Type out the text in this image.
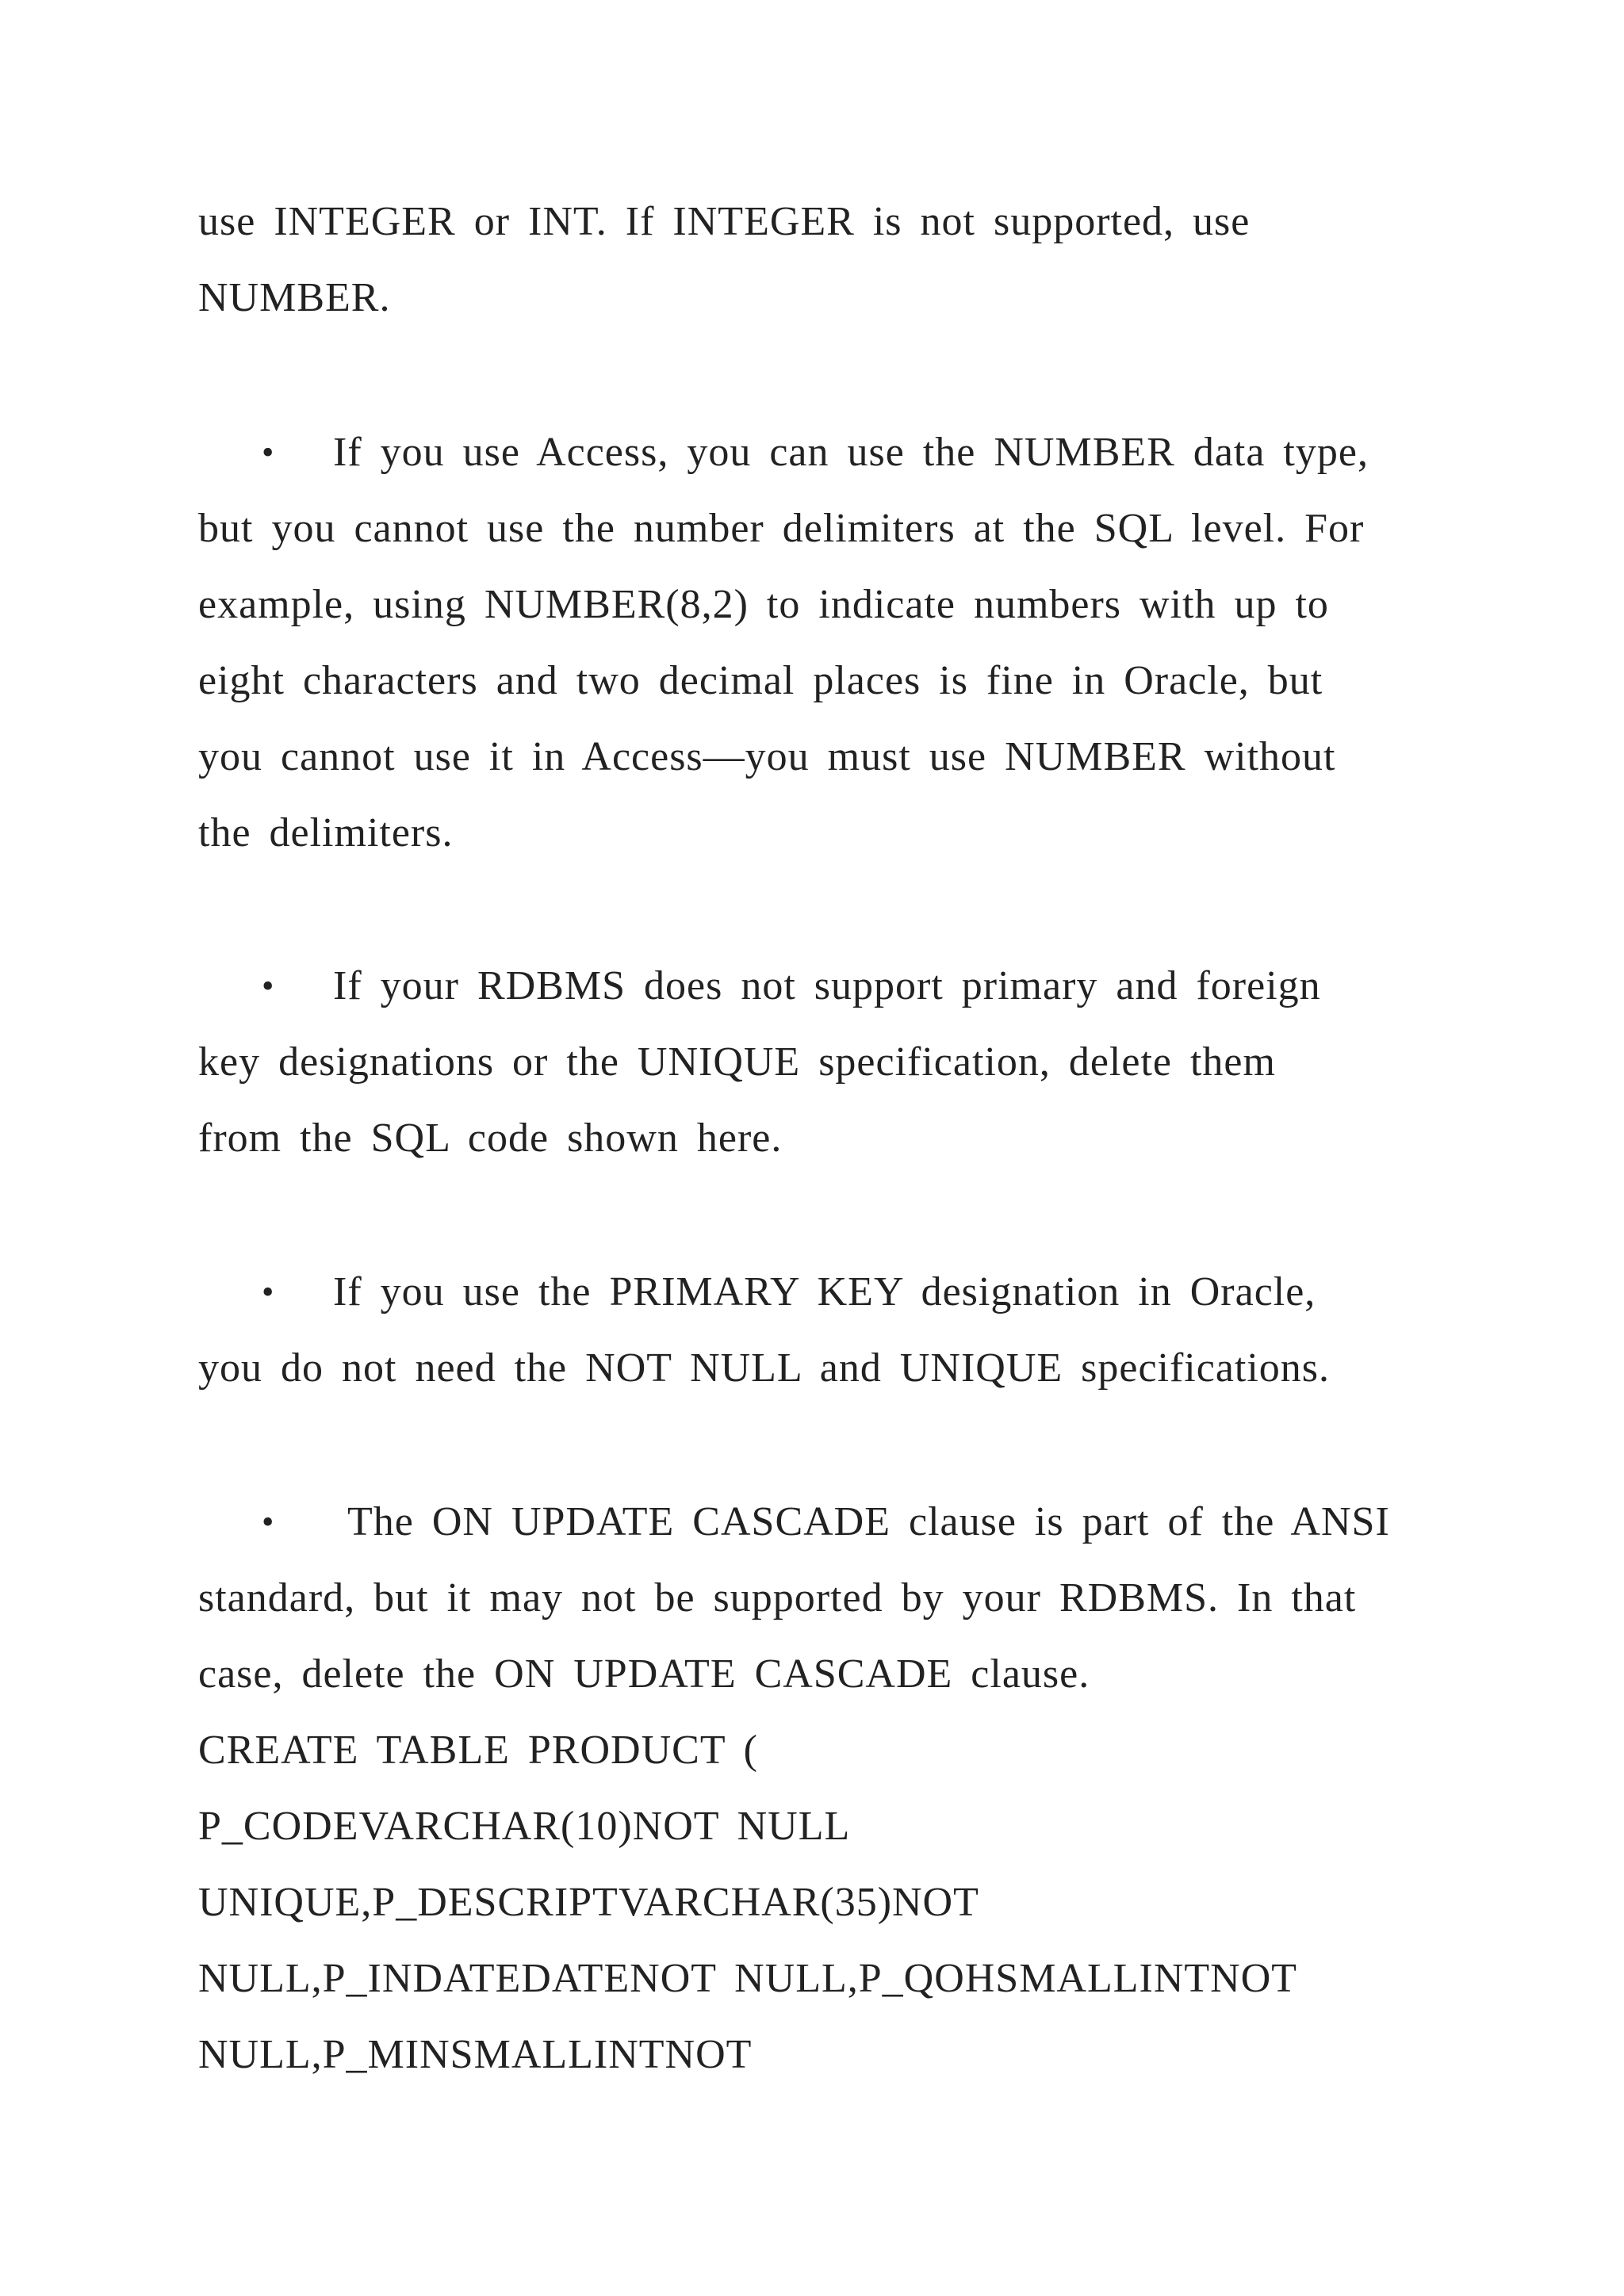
use INTEGER or INT. If INTEGER is not supported, use
NUMBER.
• If you use Access, you can use the NUMBER data type,
but you cannot use the number delimiters at the SQL level. For
example, using NUMBER(8,2) to indicate numbers with up to
eight characters and two decimal places is fine in Oracle, but
you cannot use it in Access—you must use NUMBER without
the delimiters.
• If your RDBMS does not support primary and foreign
key designations or the UNIQUE specification, delete them
from the SQL code shown here.
• If you use the PRIMARY KEY designation in Oracle,
you do not need the NOT NULL and UNIQUE specifications.
• The ON UPDATE CASCADE clause is part of the ANSI
standard, but it may not be supported by your RDBMS. In that
case, delete the ON UPDATE CASCADE clause.
CREATE TABLE PRODUCT (
P_CODEVARCHAR(10)NOT NULL
UNIQUE,P_DESCRIPTVARCHAR(35)NOT
NULL,P_INDATEDATENOT NULL,P_QOHSMALLINTNOT
NULL,P_MINSMALLINTNOT
